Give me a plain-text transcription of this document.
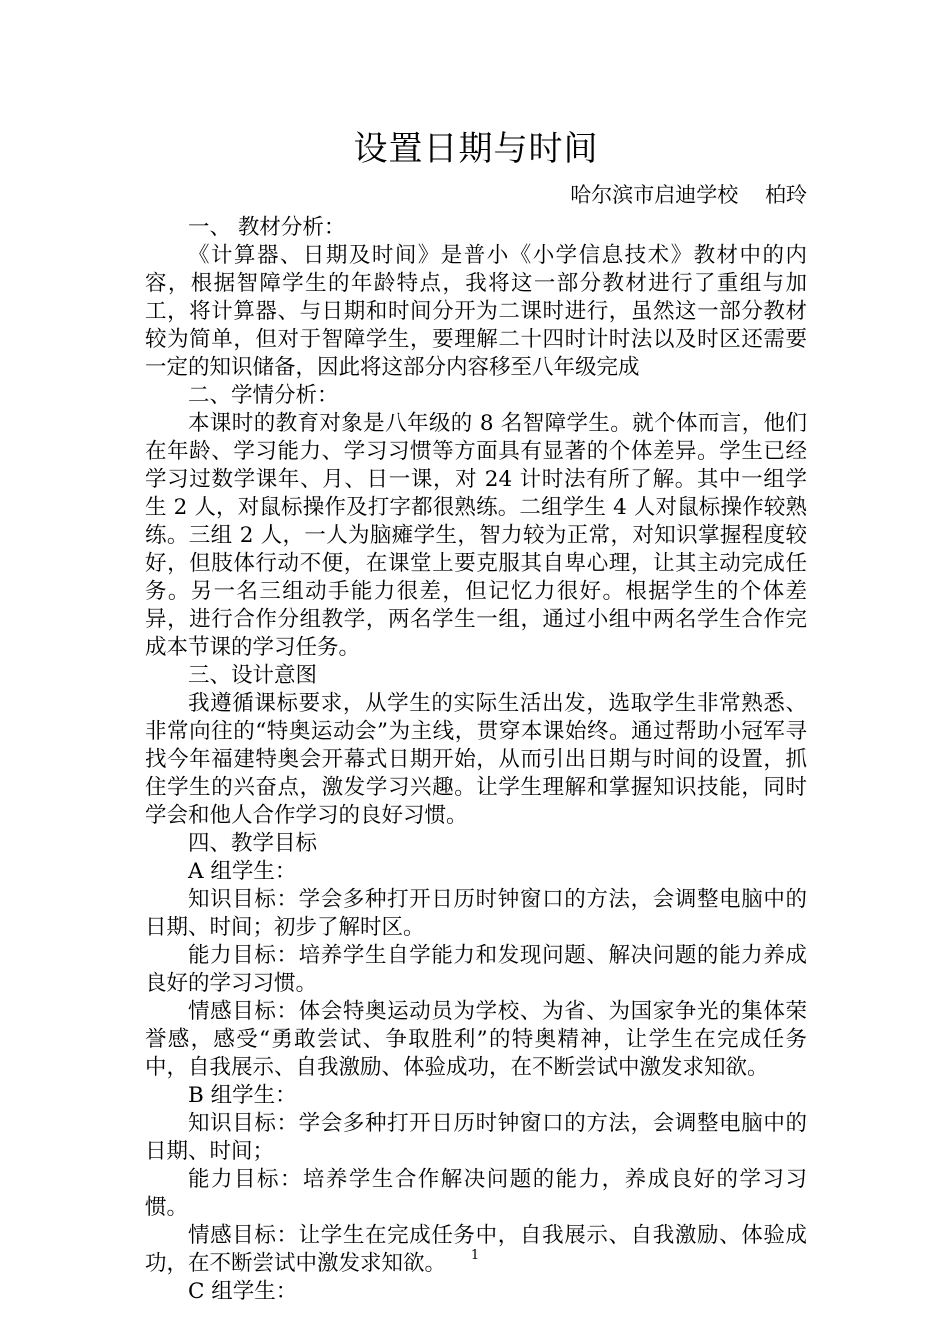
设置日期与时间
哈尔滨市启迪学校    柏玲

一、 教材分析：

《计算器、日期及时间》是普小《小学信息技术》教材中的内容，根据智障学生的年龄特点，我将这一部分教材进行了重组与加工，将计算器、与日期和时间分开为二课时进行，虽然这一部分教材较为简单，但对于智障学生，要理解二十四时计时法以及时区还需要一定的知识储备，因此将这部分内容移至八年级完成

二、学情分析：

本课时的教育对象是八年级的 8 名智障学生。就个体而言，他们在年龄、学习能力、学习习惯等方面具有显著的个体差异。学生已经学习过数学课年、月、日一课，对 24 计时法有所了解。其中一组学生 2 人，对鼠标操作及打字都很熟练。二组学生 4 人对鼠标操作较熟练。三组 2 人，一人为脑瘫学生，智力较为正常，对知识掌握程度较好，但肢体行动不便，在课堂上要克服其自卑心理，让其主动完成任务。另一名三组动手能力很差，但记忆力很好。根据学生的个体差异，进行合作分组教学，两名学生一组，通过小组中两名学生合作完成本节课的学习任务。

三、设计意图

我遵循课标要求，从学生的实际生活出发，选取学生非常熟悉、非常向往的“特奥运动会”为主线，贯穿本课始终。通过帮助小冠军寻找今年福建特奥会开幕式日期开始，从而引出日期与时间的设置，抓住学生的兴奋点，激发学习兴趣。让学生理解和掌握知识技能，同时学会和他人合作学习的良好习惯。

四、教学目标

A 组学生：

知识目标：学会多种打开日历时钟窗口的方法，会调整电脑中的日期、时间；初步了解时区。

能力目标：培养学生自学能力和发现问题、解决问题的能力养成良好的学习习惯。

情感目标：体会特奥运动员为学校、为省、为国家争光的集体荣誉感，感受“勇敢尝试、争取胜利”的特奥精神，让学生在完成任务中，自我展示、自我激励、体验成功，在不断尝试中激发求知欲。

B 组学生：

知识目标：学会多种打开日历时钟窗口的方法，会调整电脑中的日期、时间；

能力目标：培养学生合作解决问题的能力，养成良好的学习习惯。

情感目标：让学生在完成任务中，自我展示、自我激励、体验成功，在不断尝试中激发求知欲。

C 组学生：

1
